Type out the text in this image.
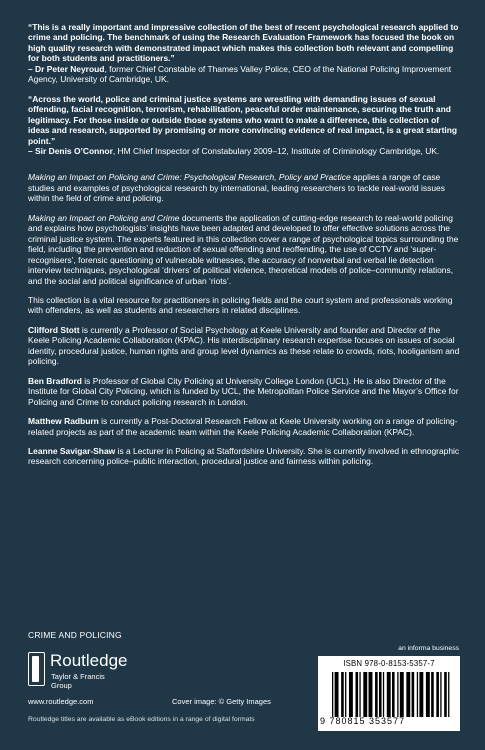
“This is a really important and impressive collection of the best of recent psychological research applied to crime and policing. The benchmark of using the Research Evaluation Framework has focused the book on high quality research with demonstrated impact which makes this collection both relevant and compelling for both students and practitioners.”

– Dr Peter Neyroud, former Chief Constable of Thames Valley Police, CEO of the National Policing Improvement Agency, University of Cambridge, UK.

“Across the world, police and criminal justice systems are wrestling with demanding issues of sexual offending, facial recognition, terrorism, rehabilitation, peaceful order maintenance, securing the truth and legitimacy. For those inside or outside those systems who want to make a difference, this collection of ideas and research, supported by promising or more convincing evidence of real impact, is a great starting point.”

– Sir Denis O’Connor, HM Chief Inspector of Constabulary 2009–12, Institute of Criminology Cambridge, UK.

Making an Impact on Policing and Crime: Psychological Research, Policy and Practice applies a range of case studies and examples of psychological research by international, leading researchers to tackle real-world issues within the field of crime and policing.

Making an Impact on Policing and Crime documents the application of cutting-edge research to real-world policing and explains how psychologists’ insights have been adapted and developed to offer effective solutions across the criminal justice system. The experts featured in this collection cover a range of psychological topics surrounding the field, including the prevention and reduction of sexual offending and reoffending, the use of CCTV and ‘super-recognisers’, forensic questioning of vulnerable witnesses, the accuracy of nonverbal and verbal lie detection interview techniques, psychological ‘drivers’ of political violence, theoretical models of police–community relations, and the social and political significance of urban ‘riots’.

This collection is a vital resource for practitioners in policing fields and the court system and professionals working with offenders, as well as students and researchers in related disciplines.

Clifford Stott is currently a Professor of Social Psychology at Keele University and founder and Director of the Keele Policing Academic Collaboration (KPAC). His interdisciplinary research expertise focuses on issues of social identity, procedural justice, human rights and group level dynamics as these relate to crowds, riots, hooliganism and policing.

Ben Bradford is Professor of Global City Policing at University College London (UCL). He is also Director of the Institute for Global City Policing, which is funded by UCL, the Metropolitan Police Service and the Mayor’s Office for Policing and Crime to conduct policing research in London.

Matthew Radburn is currently a Post-Doctoral Research Fellow at Keele University working on a range of policing-related projects as part of the academic team within the Keele Policing Academic Collaboration (KPAC).

Leanne Savigar-Shaw is a Lecturer in Policing at Staffordshire University. She is currently involved in ethnographic research concerning police–public interaction, procedural justice and fairness within policing.

CRIME AND POLICING
Routledge
Taylor & Francis Group
www.routledge.com	Cover image: © Getty Images
an informa business
ISBN 978-0-8153-5357-7
9 780815 353577
Routledge titles are available as eBook editions in a range of digital formats
